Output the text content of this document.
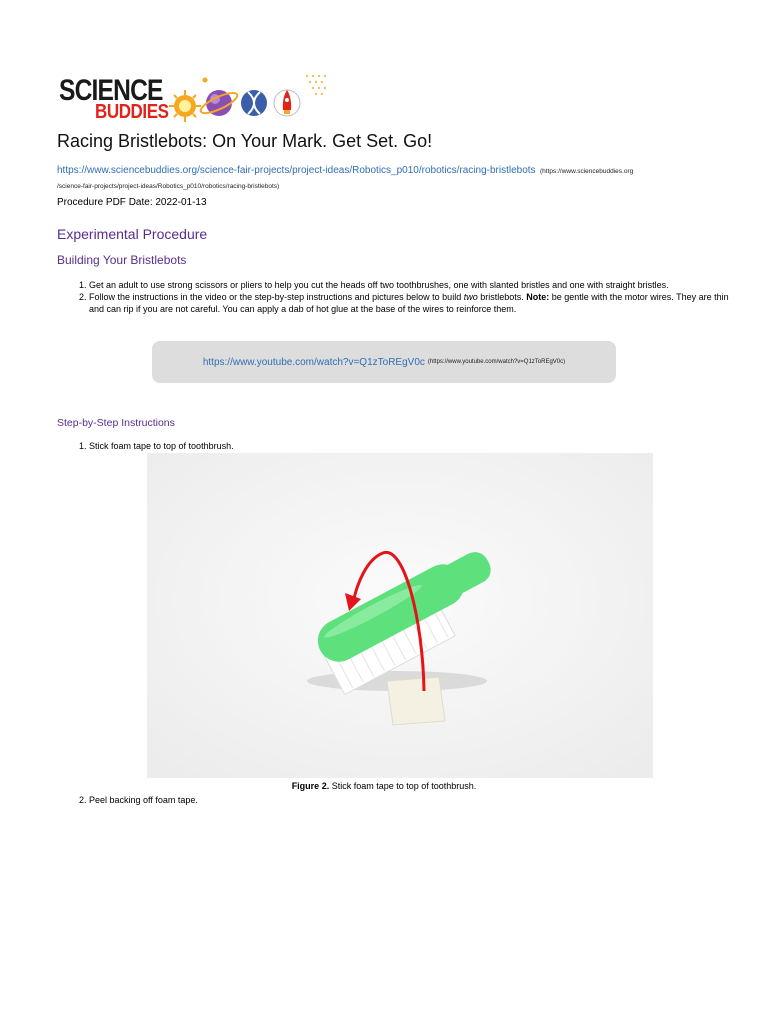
SCIENCE
BUDDIES
Racing Bristlebots: On Your Mark. Get Set. Go!
https://www.sciencebuddies.org/science-fair-projects/project-ideas/Robotics_p010/robotics/racing-bristlebots (https://www.sciencebuddies.org
/science-fair-projects/project-ideas/Robotics_p010/robotics/racing-bristlebots)
Procedure PDF Date: 2022-01-13
Experimental Procedure
Building Your Bristlebots
1. Get an adult to use strong scissors or pliers to help you cut the heads off two toothbrushes, one with slanted bristles and one with straight bristles.
2. Follow the instructions in the video or the step-by-step instructions and pictures below to build two bristlebots. Note: be gentle with the motor wires. They are thin and can rip if you are not careful. You can apply a dab of hot glue at the base of the wires to reinforce them.
https://www.youtube.com/watch?v=Q1zToREgV0c (https://www.youtube.com/watch?v=Q1zToREgV0c)
Step-by-Step Instructions
1. Stick foam tape to top of toothbrush.
Figure 2. Stick foam tape to top of toothbrush.
2. Peel backing off foam tape.
